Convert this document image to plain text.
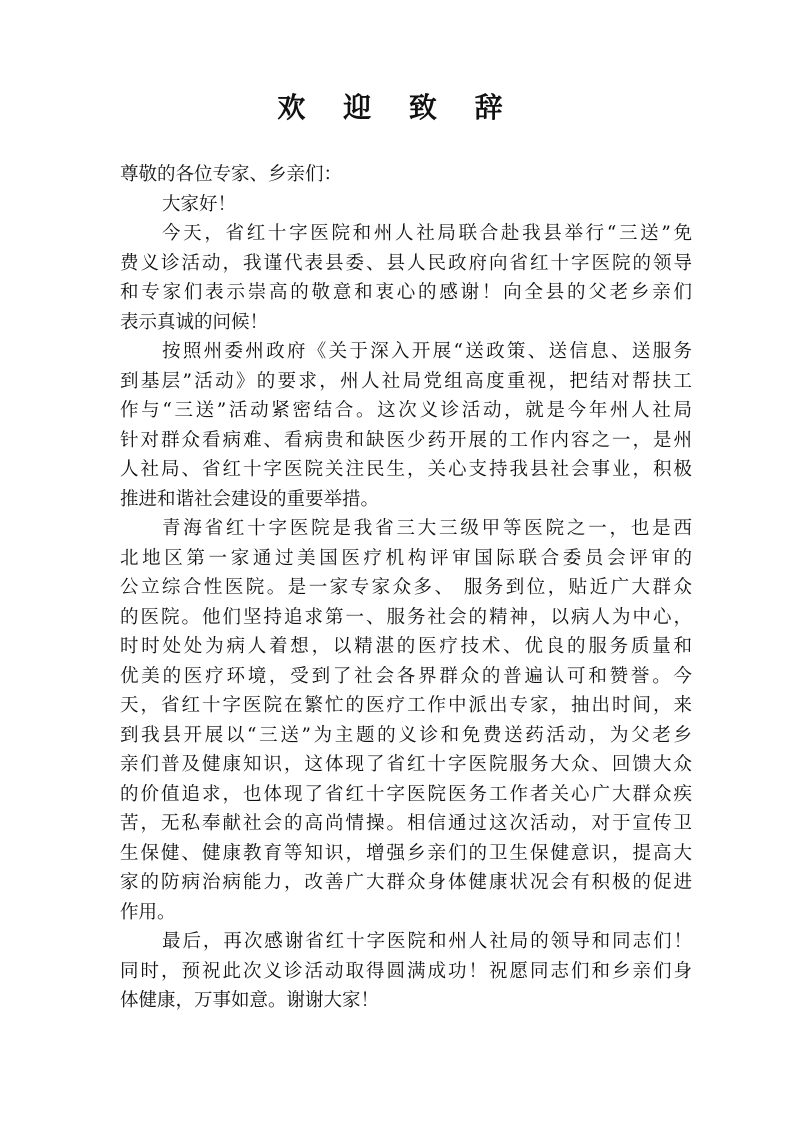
欢 迎 致 辞
尊敬的各位专家、乡亲们：
大家好！
今天，省红十字医院和州人社局联合赴我县举行“三送”免
费义诊活动，我谨代表县委、县人民政府向省红十字医院的领导
和专家们表示崇高的敬意和衷心的感谢！向全县的父老乡亲们
表示真诚的问候！
按照州委州政府《关于深入开展“送政策、送信息、送服务
到基层”活动》的要求，州人社局党组高度重视，把结对帮扶工
作与“三送”活动紧密结合。这次义诊活动，就是今年州人社局
针对群众看病难、看病贵和缺医少药开展的工作内容之一，是州
人社局、省红十字医院关注民生，关心支持我县社会事业，积极
推进和谐社会建设的重要举措。
青海省红十字医院是我省三大三级甲等医院之一，也是西
北地区第一家通过美国医疗机构评审国际联合委员会评审的
公立综合性医院。是一家专家众多、 服务到位，贴近广大群众
的医院。他们坚持追求第一、服务社会的精神，以病人为中心，
时时处处为病人着想，以精湛的医疗技术、优良的服务质量和
优美的医疗环境，受到了社会各界群众的普遍认可和赞誉。今
天，省红十字医院在繁忙的医疗工作中派出专家，抽出时间，来
到我县开展以“三送”为主题的义诊和免费送药活动，为父老乡
亲们普及健康知识，这体现了省红十字医院服务大众、回馈大众
的价值追求，也体现了省红十字医院医务工作者关心广大群众疾
苦，无私奉献社会的高尚情操。相信通过这次活动，对于宣传卫
生保健、健康教育等知识，增强乡亲们的卫生保健意识，提高大
家的防病治病能力，改善广大群众身体健康状况会有积极的促进
作用。
最后，再次感谢省红十字医院和州人社局的领导和同志们！
同时，预祝此次义诊活动取得圆满成功！祝愿同志们和乡亲们身
体健康，万事如意。谢谢大家！
